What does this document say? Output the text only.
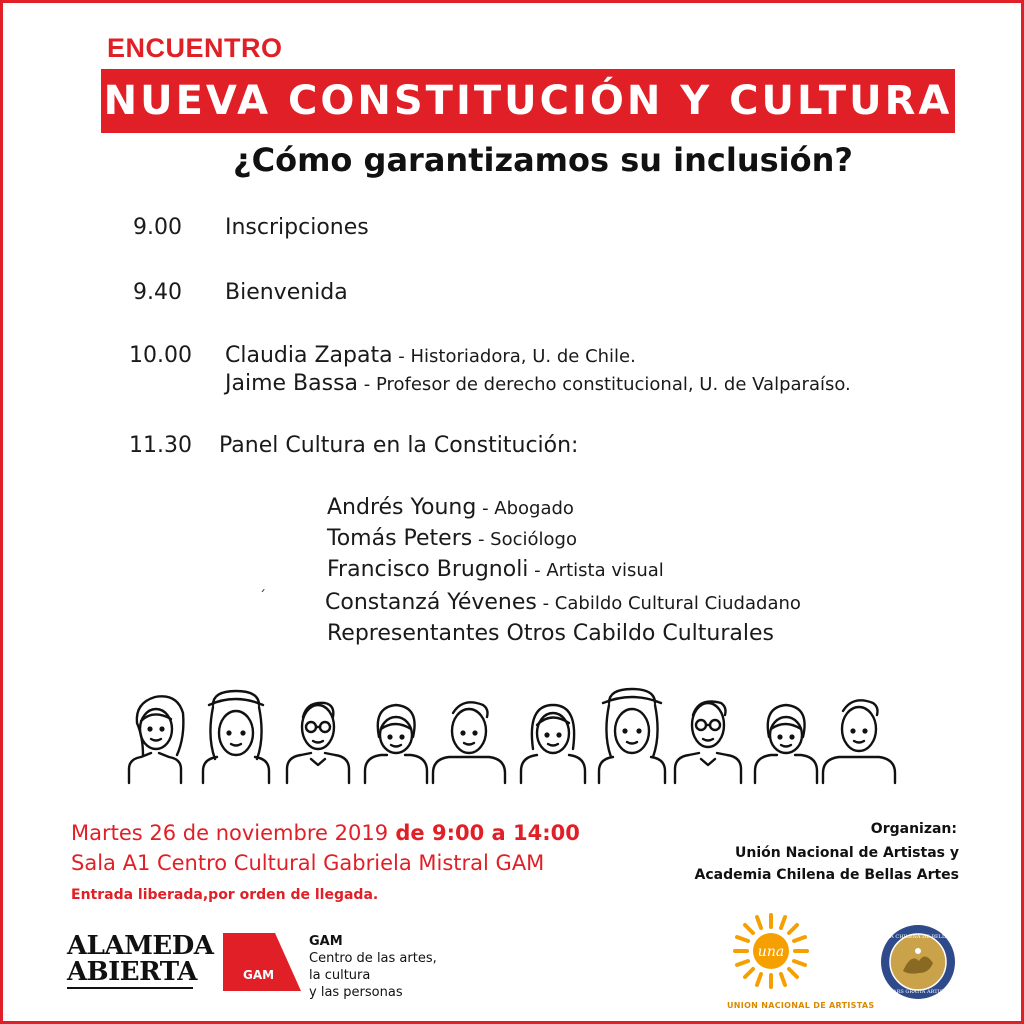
ENCUENTRO
NUEVA CONSTITUCIÓN Y CULTURA
¿Cómo garantizamos su inclusión?
9.00 Inscripciones
9.40 Bienvenida
10.00 Claudia Zapata - Historiadora, U. de Chile.
Jaime Bassa - Profesor de derecho constitucional, U. de Valparaíso.
11.30 Panel Cultura en la Constitución:
Andrés Young - Abogado
Tomás Peters - Sociólogo
Francisco Brugnoli - Artista visual
´	Constanzá Yévenes - Cabildo Cultural Ciudadano
Representantes Otros Cabildo Culturales
Martes 26 de noviembre 2019 de 9:00 a 14:00
Sala A1 Centro Cultural Gabriela Mistral GAM
Entrada liberada,por orden de llegada.
Organizan:
Unión Nacional de Artistas y
Academia Chilena de Bellas Artes
ALAMEDA
ABIERTA	GAM
GAM
Centro de las artes,
la cultura
y las personas
una
UNION NACIONAL DE ARTISTAS
ACADEMIA CHILENA DE BELLAS ARTES
ARS GRATIA ARTIS
